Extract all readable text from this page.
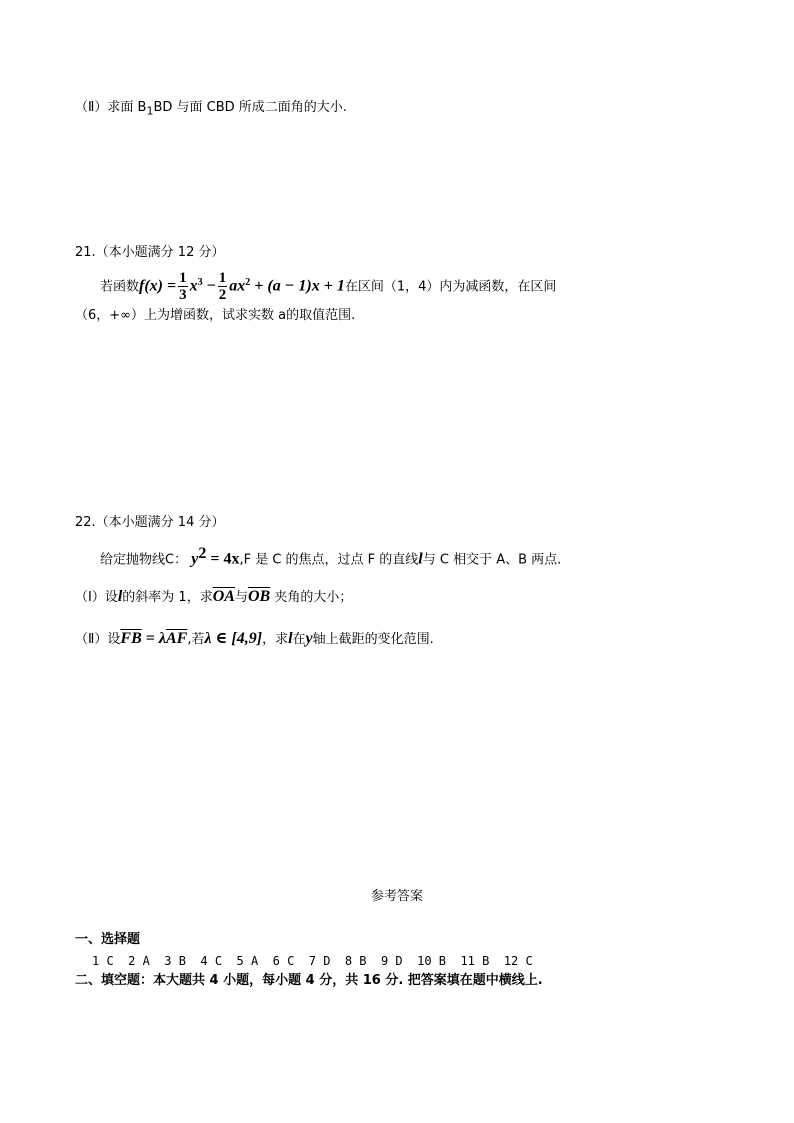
（Ⅱ）求面 $B_1BD$ 与面 CBD 所成二面角的大小.
21.（本小题满分 12 分）
若函数$f(x) = \frac{1}{3} x^3 - \frac{1}{2} ax^2 + (a - 1)x + 1$在区间（1，4）内为减函数，在区间
（6，+∞）上为增函数，试求实数 a的取值范围.
22.（本小题满分 14 分）
给定抛物线C： $y^2 = 4x,F$ 是 C 的焦点，过点 F 的直线l与 C 相交于 A、B 两点.
（Ⅰ）设l的斜率为 1，求$\overline{OA}$与$\overline{OB}$ 夹角的大小；
（Ⅱ）设$\overline{FB} = \lambda\overline{AF}$,若λ ∈ [4,9]，求l在y轴上截距的变化范围.
参考答案
一、选择题
1 C  2 A  3 B  4 C  5 A  6 C  7 D  8 B  9 D  10 B  11 B  12 C
二、填空题：本大题共 4 小题，每小题 4 分，共 16 分. 把答案填在题中横线上.
